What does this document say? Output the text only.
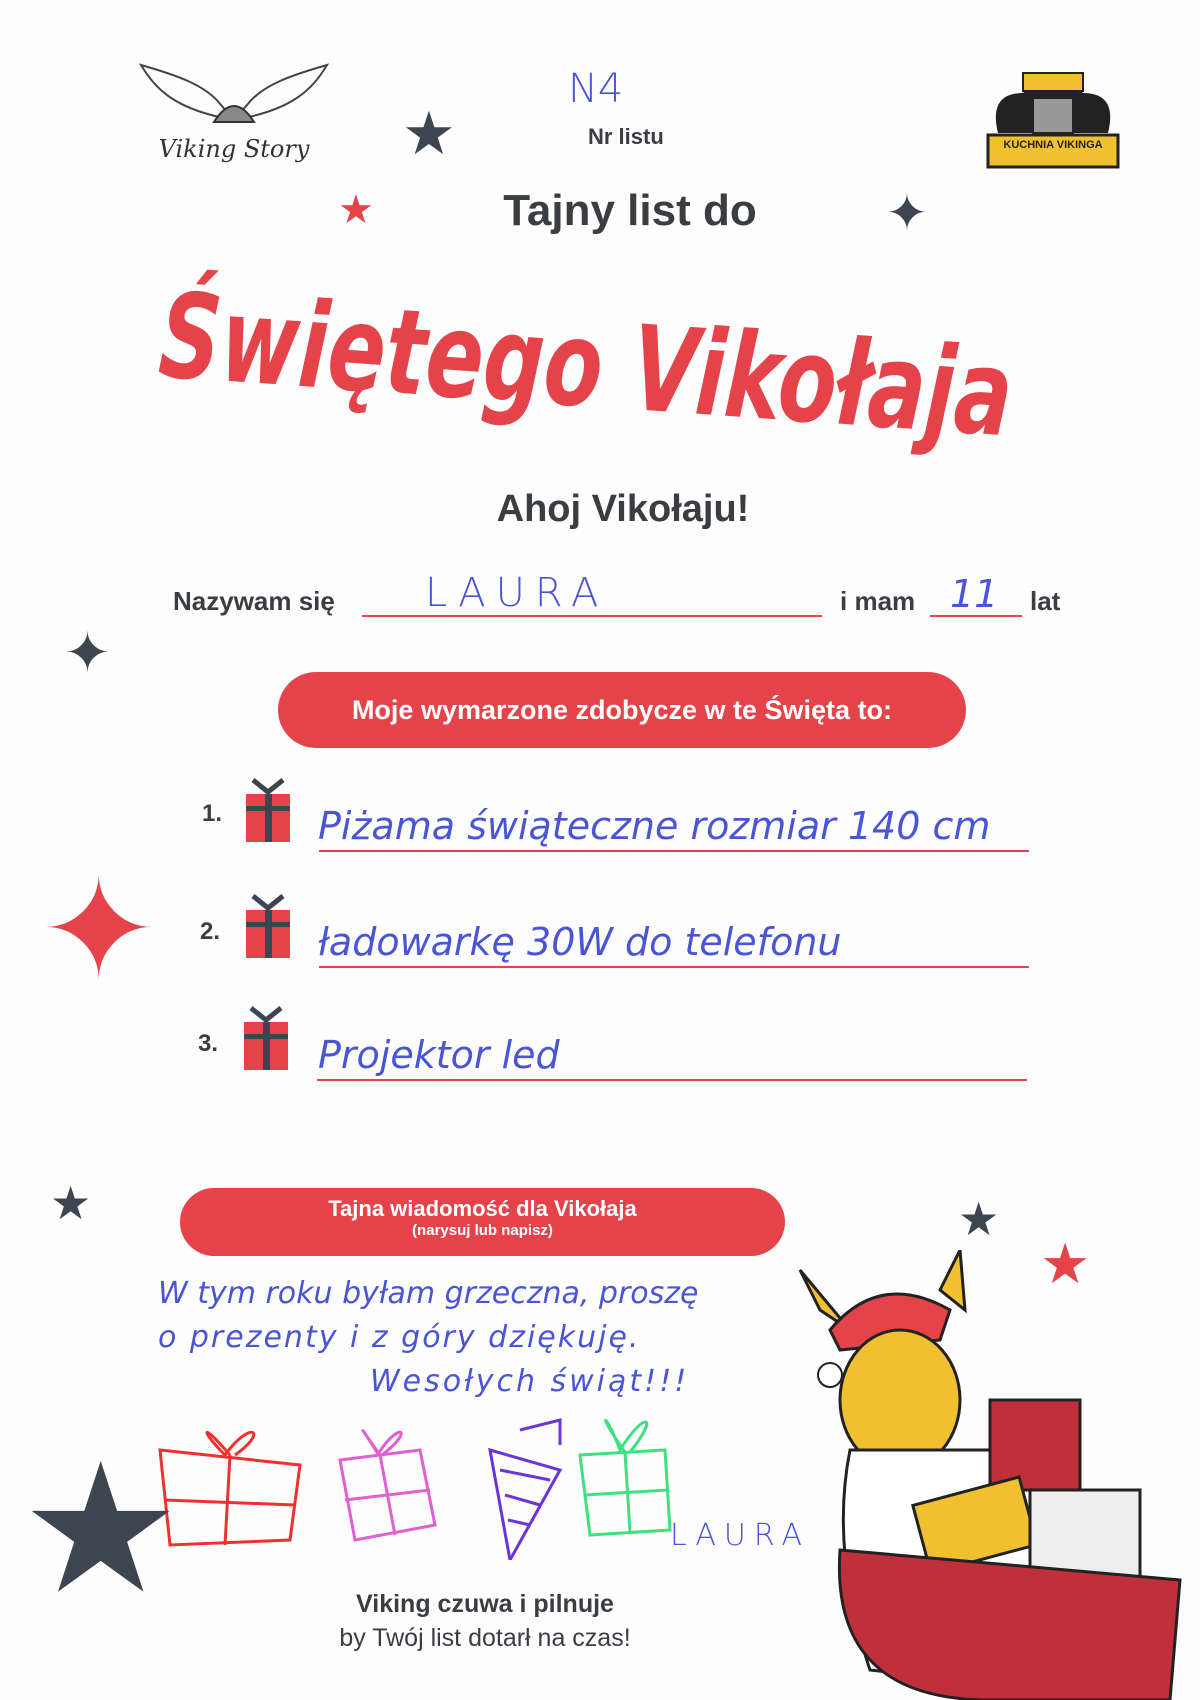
Viking Story
N4
Nr listu	KUCHNIA VIKINGA
★
★	✦
✦
★	★
★
★
✦
Tajny list do
Świętego Vikołaja
Ahoj Vikołaju!
Nazywam się LAURA	i mam 11 lat
Moje wymarzone zdobycze w te Święta to:
1.	Piżama świąteczne rozmiar 140 cm
2.	ładowarkę 30W do telefonu
3.	Projektor led
Tajna wiadomość dla Vikołaja
(narysuj lub napisz)
W tym roku byłam grzeczna, proszę
o prezenty i z góry dziękuję.
Wesołych świąt!!!
LAURA
Viking czuwa i pilnuje
by Twój list dotarł na czas!
